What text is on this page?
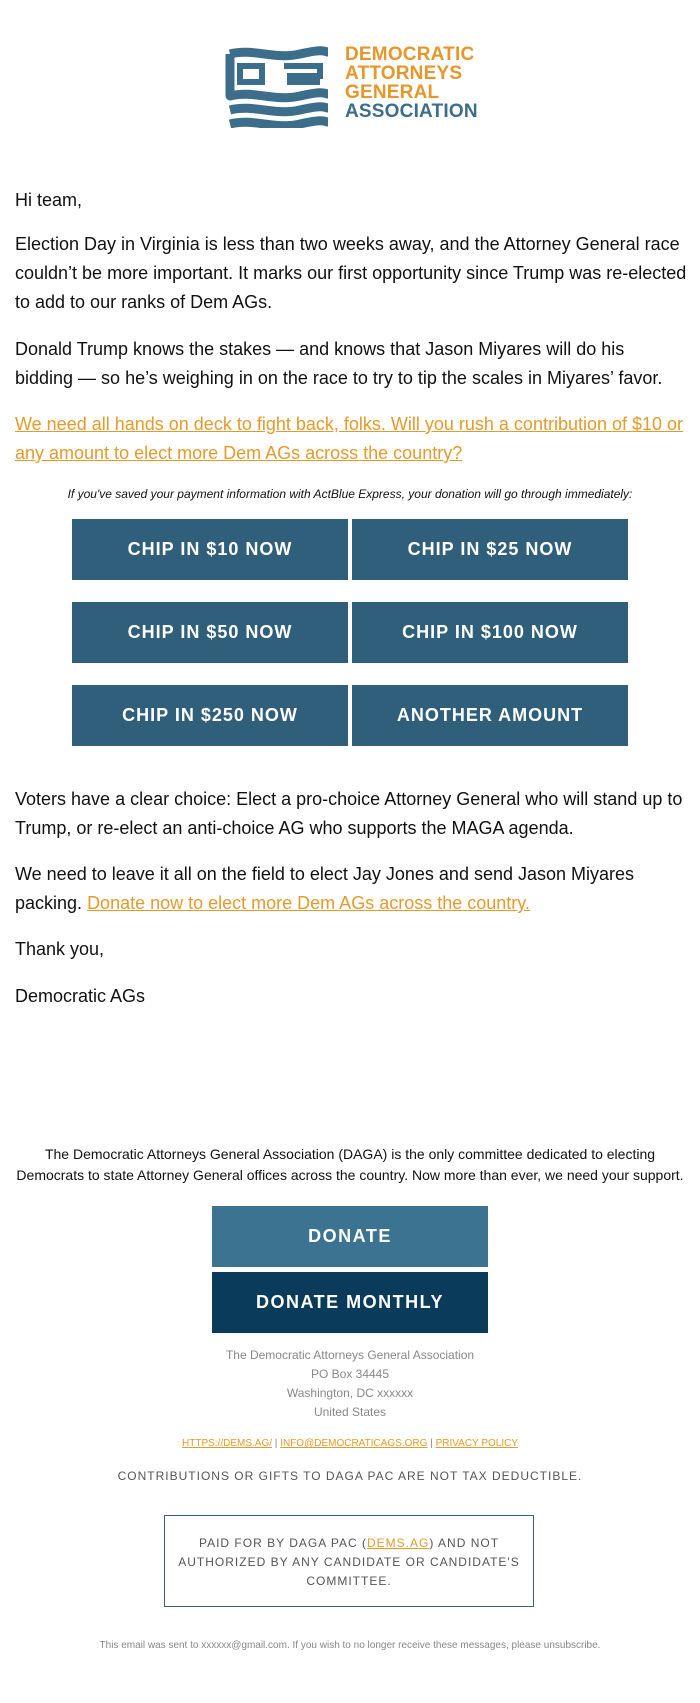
DEMOCRATIC
ATTORNEYS
GENERAL
ASSOCIATION

Hi team,

Election Day in Virginia is less than two weeks away, and the Attorney General race couldn’t be more important. It marks our first opportunity since Trump was re-elected to add to our ranks of Dem AGs.

Donald Trump knows the stakes — and knows that Jason Miyares will do his bidding — so he’s weighing in on the race to try to tip the scales in Miyares’ favor.

We need all hands on deck to fight back, folks. Will you rush a contribution of $10 or any amount to elect more Dem AGs across the country?

If you've saved your payment information with ActBlue Express, your donation will go through immediately:
CHIP IN $10 NOW	CHIP IN $25 NOW
CHIP IN $50 NOW	CHIP IN $100 NOW
CHIP IN $250 NOW	ANOTHER AMOUNT

Voters have a clear choice: Elect a pro-choice Attorney General who will stand up to Trump, or re-elect an anti-choice AG who supports the MAGA agenda.

We need to leave it all on the field to elect Jay Jones and send Jason Miyares packing. Donate now to elect more Dem AGs across the country.

Thank you,

Democratic AGs

The Democratic Attorneys General Association (DAGA) is the only committee dedicated to electing Democrats to state Attorney General offices across the country. Now more than ever, we need your support.
DONATE
DONATE MONTHLY
The Democratic Attorneys General Association
PO Box 34445
Washington, DC xxxxxx
United States
HTTPS://DEMS.AG/ | INFO@DEMOCRATICAGS.ORG | PRIVACY POLICY
CONTRIBUTIONS OR GIFTS TO DAGA PAC ARE NOT TAX DEDUCTIBLE.
PAID FOR BY DAGA PAC (DEMS.AG) AND NOT AUTHORIZED BY ANY CANDIDATE OR CANDIDATE'S COMMITTEE.
This email was sent to xxxxxx@gmail.com. If you wish to no longer receive these messages, please unsubscribe.
